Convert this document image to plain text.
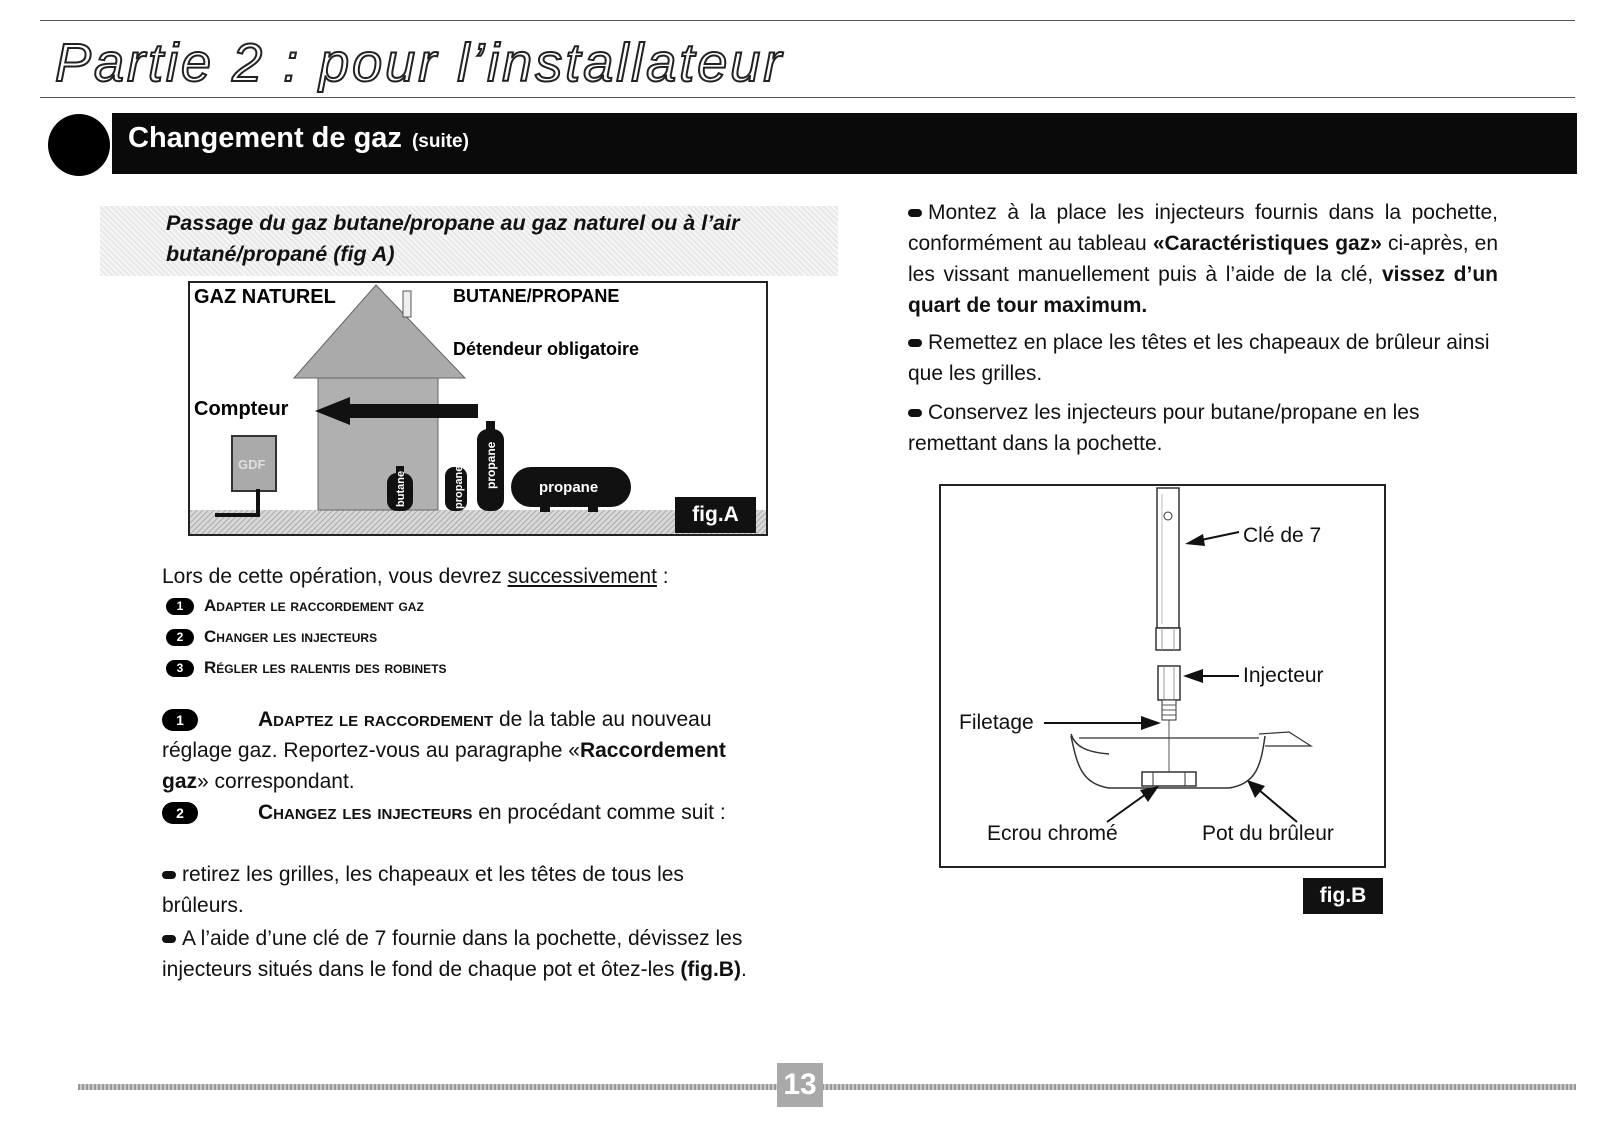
Partie 2 : pour l’installateur
Changement de gaz (suite)
Passage du gaz butane/propane au gaz naturel ou à l’air butané/propané (fig A)
GAZ NATUREL	BUTANE/PROPANE
Détendeur obligatoire
Compteur
GDF
butane	propane propane	propane
fig.A
Lors de cette opération, vous devrez successivement :
1 Adapter le raccordement gaz
2 Changer les injecteurs
3 Régler les ralentis des robinets
1	Adaptez le raccordement de la table au nouveau réglage gaz. Reportez-vous au paragraphe «Raccordement gaz» correspondant.
2	Changez les injecteurs en procédant comme suit :
retirez les grilles, les chapeaux et les têtes de tous les brûleurs.
A l’aide d’une clé de 7 fournie dans la pochette, dévissez les injecteurs situés dans le fond de chaque pot et ôtez-les (fig.B).
Montez à la place les injecteurs fournis dans la pochette, conformément au tableau «Caractéristiques gaz» ci-après, en les vissant manuellement puis à l’aide de la clé, vissez d’un quart de tour maximum.
Remettez en place les têtes et les chapeaux de brûleur ainsi que les grilles.
Conservez les injecteurs pour butane/propane en les remettant dans la pochette.
Clé de 7
Injecteur
Filetage
Ecrou chromé	Pot du brûleur
fig.B
13
